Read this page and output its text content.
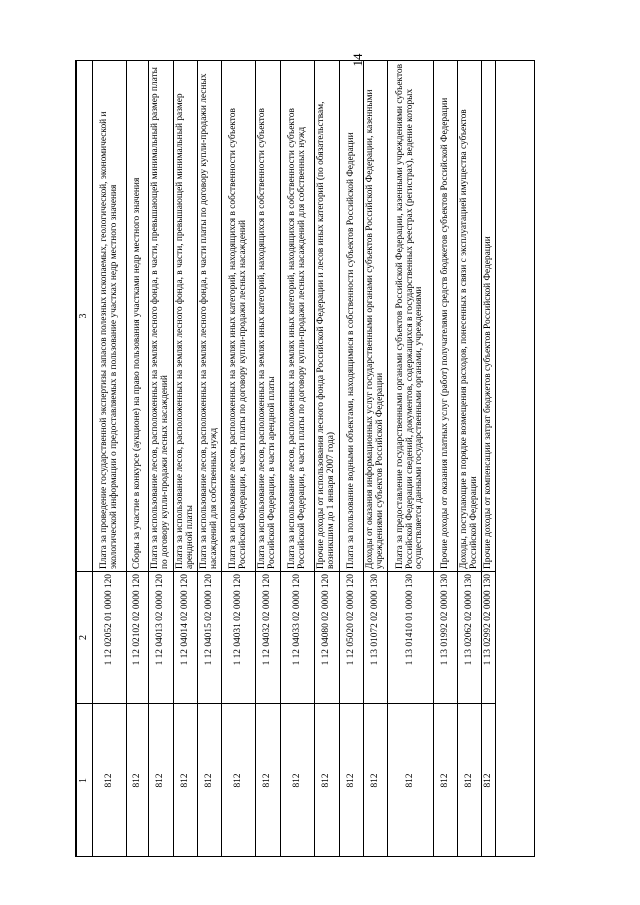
14
1	2	3
812	1 12 02052 01 0000 120	Плата за проведение государственной экспертизы запасов полезных ископаемых, геологической, экономической и экологической информации о предоставляемых в пользование участках недр местного значения
812	1 12 02102 02 0000 120	Сборы за участие в конкурсе (аукционе) на право пользования участками недр местного значения
812	1 12 04013 02 0000 120	Плата за использование лесов, расположенных на землях лесного фонда, в части, превышающей минимальный размер платы по договору купли-продажи лесных насаждений
812	1 12 04014 02 0000 120	Плата за использование лесов, расположенных на землях лесного фонда, в части, превышающей минимальный размер арендной платы
812	1 12 04015 02 0000 120	Плата за использование лесов, расположенных на землях лесного фонда, в части платы по договору купли-продажи лесных насаждений для собственных нужд
812	1 12 04031 02 0000 120	Плата за использование лесов, расположенных на землях иных категорий, находящихся в собственности субъектов Российской Федерации, в части платы по договору купли-продажи лесных насаждений
812	1 12 04032 02 0000 120	Плата за использование лесов, расположенных на землях иных категорий, находящихся в собственности субъектов Российской Федерации, в части арендной платы
812	1 12 04033 02 0000 120	Плата за использование лесов, расположенных на землях иных категорий, находящихся в собственности субъектов Российской Федерации, в части платы по договору купли-продажи лесных насаждений для собственных нужд
812	1 12 04080 02 0000 120	Прочие доходы от использования лесного фонда Российской Федерации и лесов иных категорий (по обязательствам, возникшим до 1 января 2007 года)
812	1 12 05020 02 0000 120	Плата за пользование водными объектами, находящимися в собственности субъектов Российской Федерации
812	1 13 01072 02 0000 130	Доходы от оказания информационных услуг государственными органами субъектов Российской Федерации, казенными учреждениями субъектов Российской Федерации
812	1 13 01410 01 0000 130	Плата за предоставление государственными органами субъектов Российской Федерации, казенными учреждениями субъектов Российской Федерации сведений, документов, содержащихся в государственных реестрах (регистрах), ведение которых осуществляется данными государственными органами, учреждениями
812	1 13 01992 02 0000 130	Прочие доходы от оказания платных услуг (работ) получателями средств бюджетов субъектов Российской Федерации
812	1 13 02062 02 0000 130	Доходы, поступающие в порядке возмещения расходов, понесенных в связи с эксплуатацией имущества субъектов Российской Федерации
812	1 13 02992 02 0000 130	Прочие доходы от компенсации затрат бюджетов субъектов Российской Федерации
